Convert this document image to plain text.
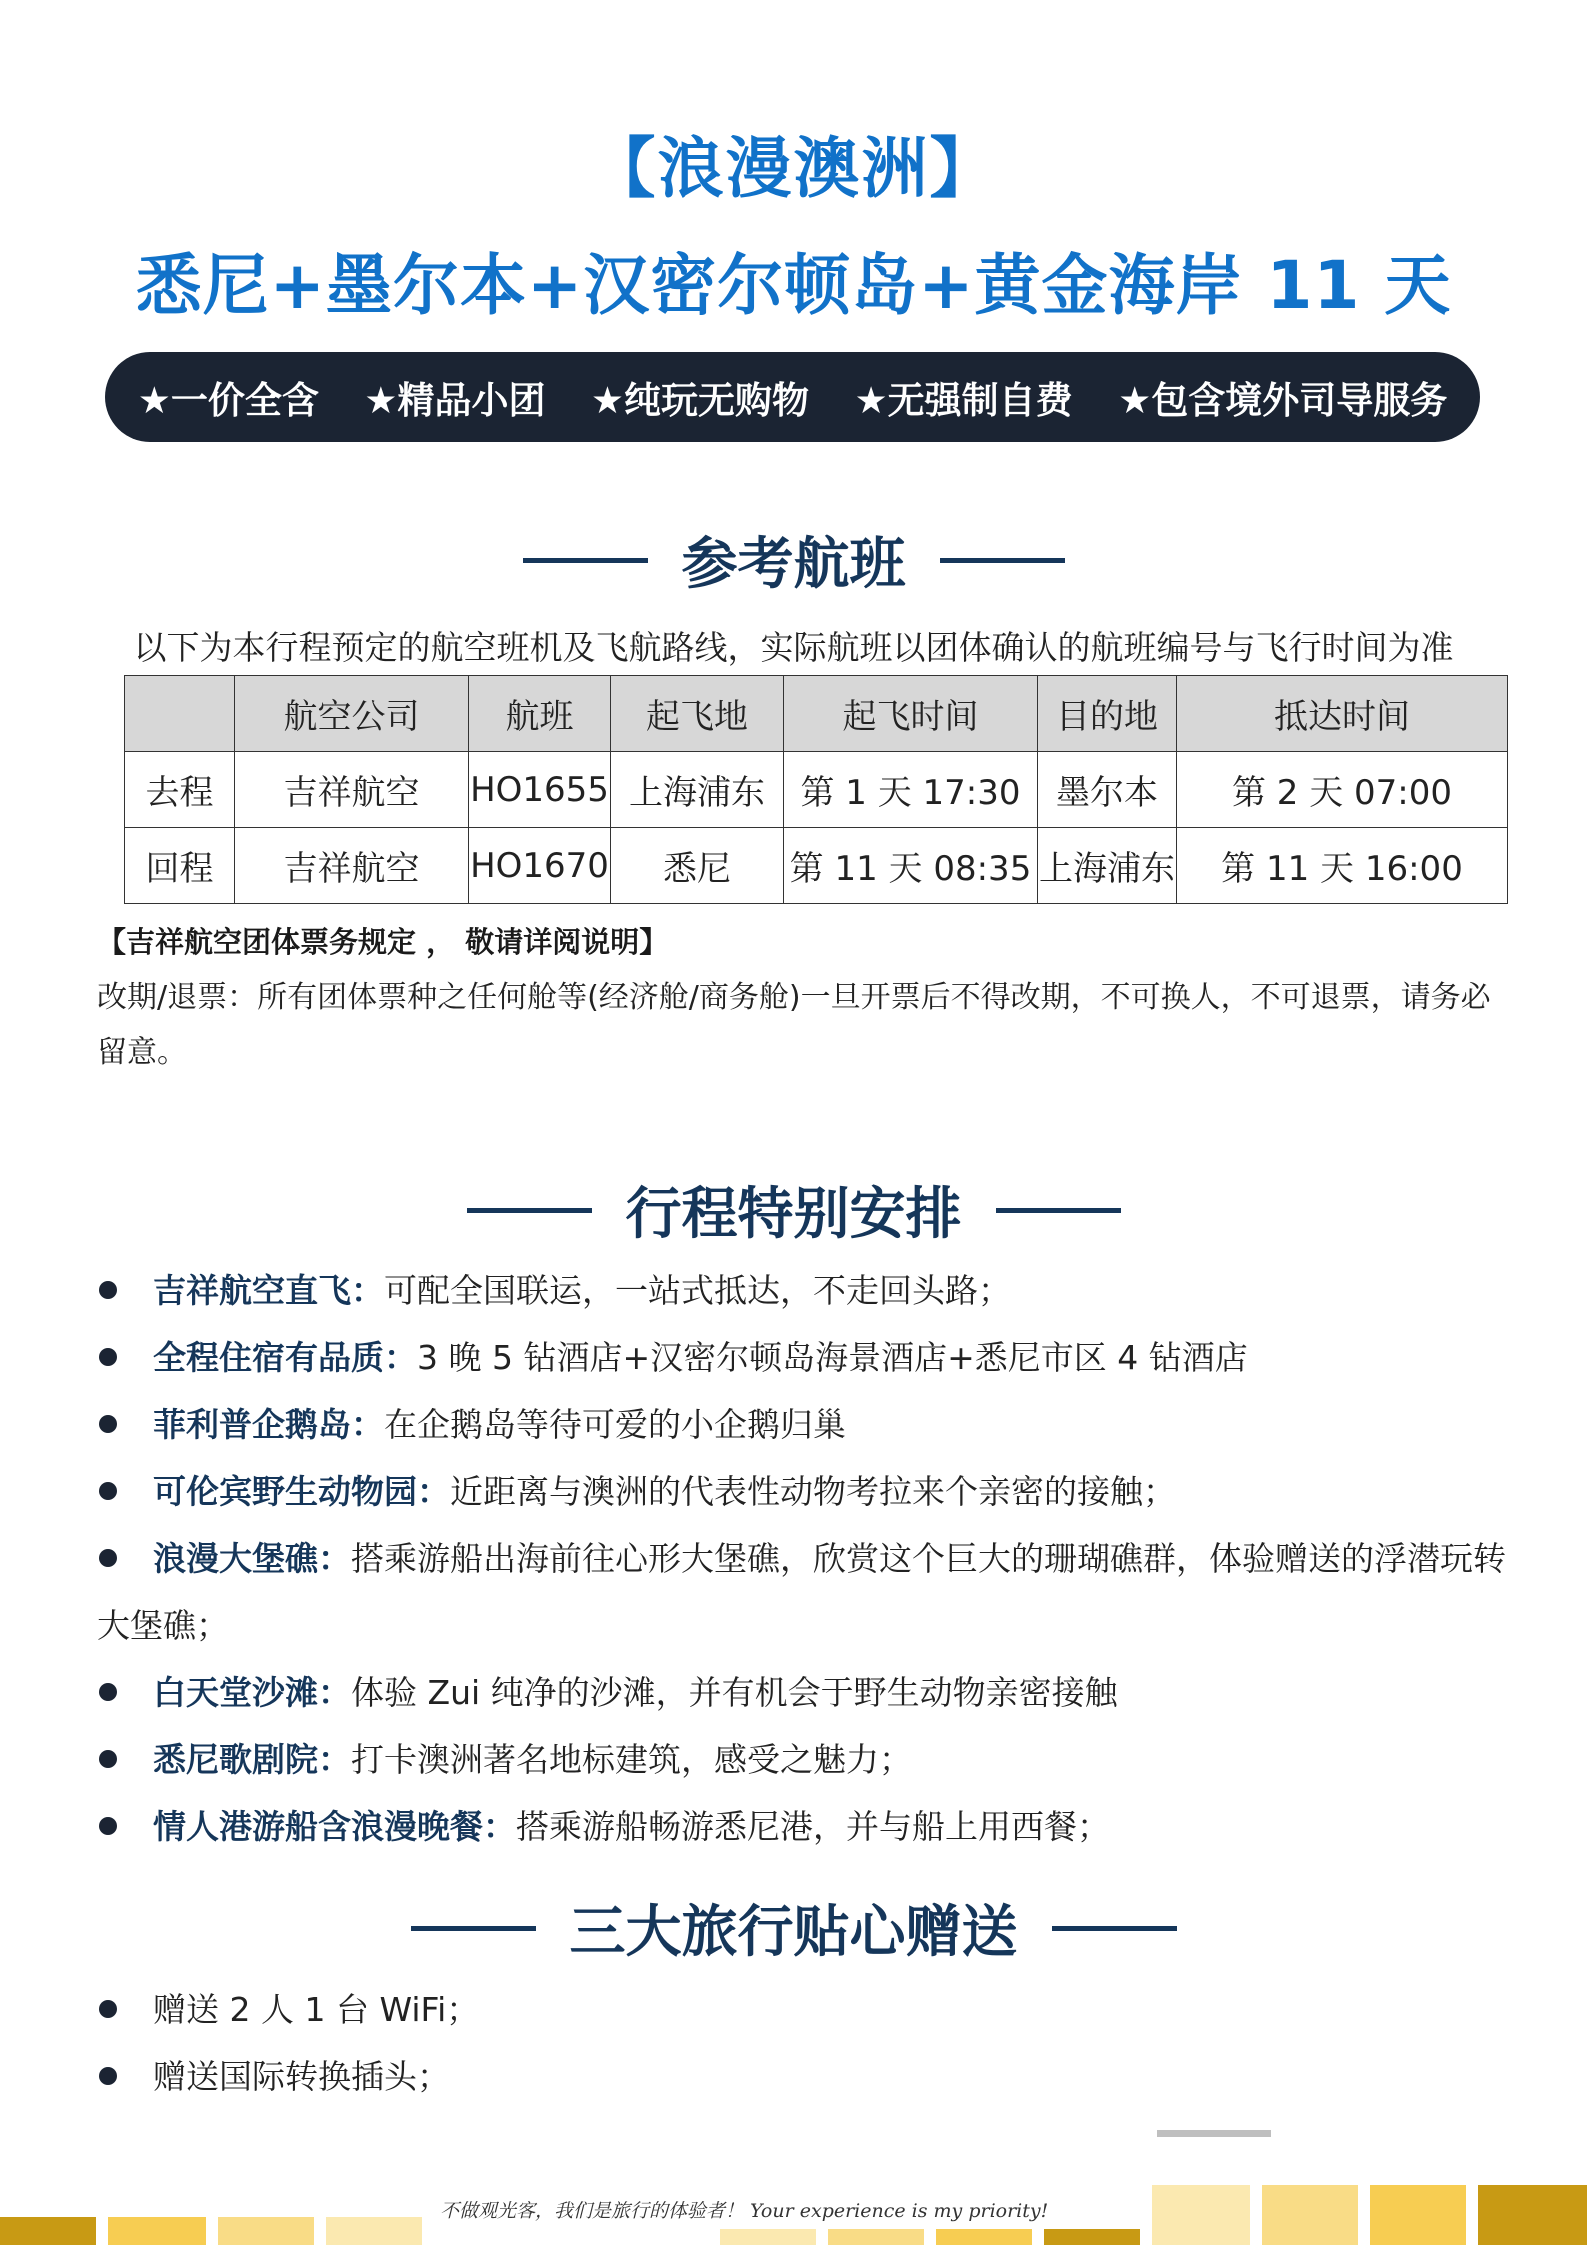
【浪漫澳洲】
悉尼+墨尔本+汉密尔顿岛+黄金海岸 11 天
★一价全含 ★精品小团 ★纯玩无购物 ★无强制自费 ★包含境外司导服务
参考航班
以下为本行程预定的航空班机及飞航路线，实际航班以团体确认的航班编号与飞行时间为准
	航空公司	航班	起飞地	起飞时间	目的地	抵达时间
去程	吉祥航空	HO1655	上海浦东	第 1 天 17:30	墨尔本	第 2 天 07:00
回程	吉祥航空	HO1670	悉尼	第 11 天 08:35	上海浦东	第 11 天 16:00
【吉祥航空团体票务规定 ， 敬请详阅说明】
改期/退票：所有团体票种之任何舱等(经济舱/商务舱)一旦开票后不得改期，不可换人，不可退票，请务必留意。
行程特别安排
吉祥航空直飞：可配全国联运，一站式抵达，不走回头路；
全程住宿有品质：3 晚 5 钻酒店+汉密尔顿岛海景酒店+悉尼市区 4 钻酒店
菲利普企鹅岛：在企鹅岛等待可爱的小企鹅归巢
可伦宾野生动物园：近距离与澳洲的代表性动物考拉来个亲密的接触；
浪漫大堡礁：搭乘游船出海前往心形大堡礁，欣赏这个巨大的珊瑚礁群，体验赠送的浮潜玩转大堡礁；
白天堂沙滩：体验 Zui 纯净的沙滩，并有机会于野生动物亲密接触
悉尼歌剧院：打卡澳洲著名地标建筑，感受之魅力；
情人港游船含浪漫晚餐：搭乘游船畅游悉尼港，并与船上用西餐；
三大旅行贴心赠送
赠送 2 人 1 台 WiFi；
赠送国际转换插头；
不做观光客，我们是旅行的体验者！ Your experience is my priority!
